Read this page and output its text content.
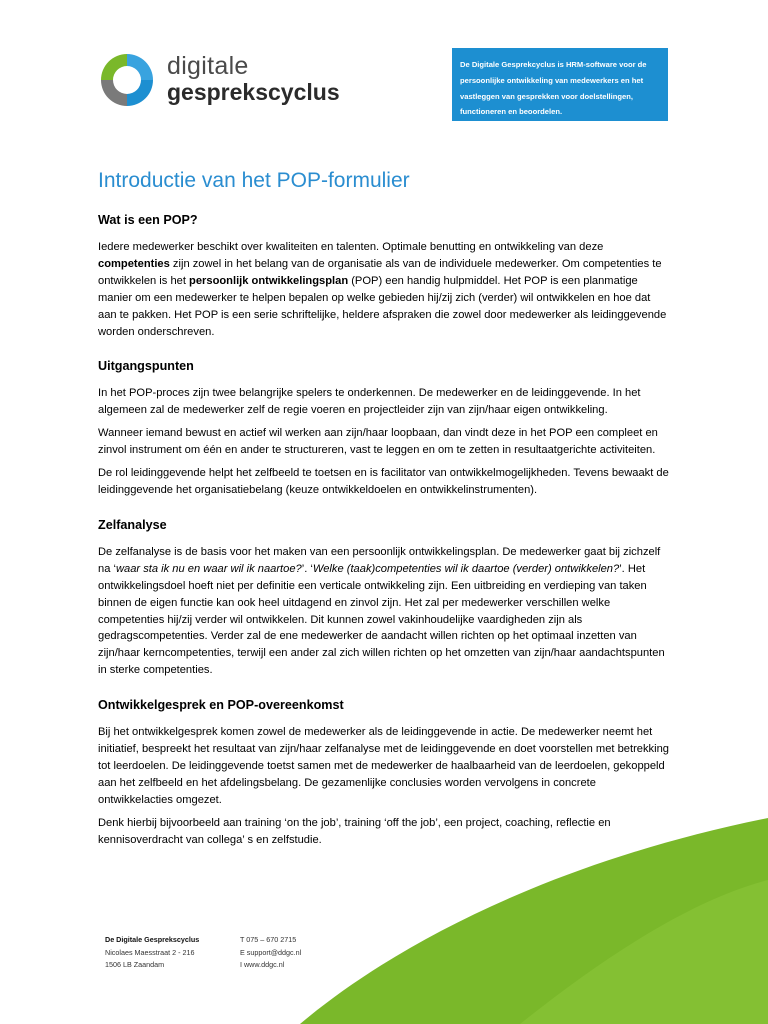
digitale
gesprekscyclus
De Digitale Gesprekcyclus is HRM-software voor de persoonlijke ontwikkeling van medewerkers en het vastleggen van gesprekken voor doelstellingen, functioneren en beoordelen.
Introductie van het POP-formulier
Wat is een POP?

Iedere medewerker beschikt over kwaliteiten en talenten. Optimale benutting en ontwikkeling van deze competenties zijn zowel in het belang van de organisatie als van de individuele medewerker. Om competenties te ontwikkelen is het persoonlijk ontwikkelingsplan (POP) een handig hulpmiddel. Het POP is een planmatige manier om een medewerker te helpen bepalen op welke gebieden hij/zij zich (verder) wil ontwikkelen en hoe dat aan te pakken. Het POP is een serie schriftelijke, heldere afspraken die zowel door medewerker als leidinggevende worden onderschreven.

Uitgangspunten

In het POP-proces zijn twee belangrijke spelers te onderkennen. De medewerker en de leidinggevende. In het algemeen zal de medewerker zelf de regie voeren en projectleider zijn van zijn/haar eigen ontwikkeling.

Wanneer iemand bewust en actief wil werken aan zijn/haar loopbaan, dan vindt deze in het POP een compleet en zinvol instrument om één en ander te structureren, vast te leggen en om te zetten in resultaatgerichte activiteiten.

De rol leidinggevende helpt het zelfbeeld te toetsen en is facilitator van ontwikkelmogelijkheden. Tevens bewaakt de leidinggevende het organisatiebelang (keuze ontwikkeldoelen en ontwikkelinstrumenten).

Zelfanalyse

De zelfanalyse is de basis voor het maken van een persoonlijk ontwikkelingsplan. De medewerker gaat bij zichzelf na ‘waar sta ik nu en waar wil ik naartoe?’. ‘Welke (taak)competenties wil ik daartoe (verder) ontwikkelen?’. Het ontwikkelingsdoel hoeft niet per definitie een verticale ontwikkeling zijn. Een uitbreiding en verdieping van taken binnen de eigen functie kan ook heel uitdagend en zinvol zijn. Het zal per medewerker verschillen welke competenties hij/zij verder wil ontwikkelen. Dit kunnen zowel vakinhoudelijke vaardigheden zijn als gedragscompetenties. Verder zal de ene medewerker de aandacht willen richten op het optimaal inzetten van zijn/haar kerncompetenties, terwijl een ander zal zich willen richten op het omzetten van zijn/haar aandachtspunten in sterke competenties.

Ontwikkelgesprek en POP-overeenkomst

Bij het ontwikkelgesprek komen zowel de medewerker als de leidinggevende in actie. De medewerker neemt het initiatief, bespreekt het resultaat van zijn/haar zelfanalyse met de leidinggevende en doet voorstellen met betrekking tot leerdoelen. De leidinggevende toetst samen met de medewerker de haalbaarheid van de leerdoelen, gekoppeld aan het zelfbeeld en het afdelingsbelang. De gezamenlijke conclusies worden vervolgens in concrete ontwikkelacties omgezet.

Denk hierbij bijvoorbeeld aan training ‘on the job’, training ‘off the job’, een project, coaching, reflectie en kennisoverdracht van collega’ s en zelfstudie.

De Digitale Gesprekscyclus
Nicolaes Maesstraat 2 - 216
1506 LB Zaandam
T 075 – 670 2715
E support@ddgc.nl
I www.ddgc.nl
